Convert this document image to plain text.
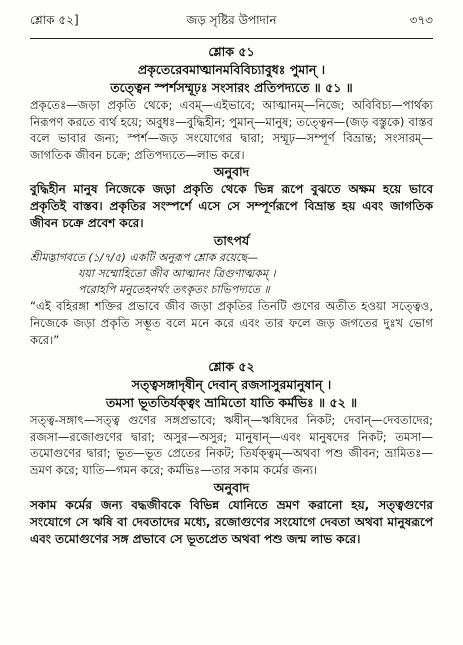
শ্লোক ৫২]	জড় সৃষ্টির উপাদান	৩৭৩
শ্লোক ৫১
প্রকৃতেরেবমাত্মানমবিবিচ্যাবুধঃ পুমান্ ।
তত্ত্বেন স্পর্শসম্মূঢ়ঃ সংসারং প্রতিপদ্যতে ॥ ৫১ ॥

প্রকৃতেঃ—জড়া প্রকৃতি থেকে; এবম্—এইভাবে; আত্মানম্—নিজে; অবিবিচ্য—পার্থক্য নিরূপণ করতে ব্যর্থ হয়ে; অবুধঃ—বুদ্ধিহীন; পুমান্—মানুষ; তত্ত্বেন—(জড় বস্তুকে) বাস্তব বলে ভাবার জন্য; স্পর্শ—জড় সংযোগের দ্বারা; সম্মূঢ়—সম্পূর্ণ বিভ্রান্ত; সংসারম্—জাগতিক জীবন চক্রে; প্রতিপদ্যতে—লাভ করে।

অনুবাদ

বুদ্ধিহীন মানুষ নিজেকে জড়া প্রকৃতি থেকে ভিন্ন রূপে বুঝতে অক্ষম হয়ে ভাবে প্রকৃতিই বাস্তব। প্রকৃতির সংস্পর্শে এসে সে সম্পূর্ণরূপে বিভ্রান্ত হয় এবং জাগতিক জীবন চক্রে প্রবেশ করে।

তাৎপর্য

শ্রীমদ্ভাগবতে (১/৭/৫) একটি অনুরূপ শ্লোক রয়েছে—

যয়া সম্মোহিতো জীব আত্মানং ত্রিগুণাত্মকম্ ।

পরোহপি মনুতেহনর্থং তৎকৃতং চাভিপদ্যতে ॥

“এই বহিরঙ্গা শক্তির প্রভাবে জীব জড়া প্রকৃতির তিনটি গুণের অতীত হওয়া সত্ত্বেও, নিজেকে জড়া প্রকৃতি সম্ভূত বলে মনে করে এবং তার ফলে জড় জগতের দুঃখ ভোগ করে।”

শ্লোক ৫২
সত্ত্বসঙ্গাদৃষীন্ দেবান্ রজসাসুরমানুষান্ ।
তমসা ভূততির্যক্ত্বং ভ্রামিতো যাতি কর্মভিঃ ॥ ৫২ ॥

সত্ত্ব-সঙ্গাৎ—সত্ত্ব গুণের সঙ্গপ্রভাবে; ঋষীন্—ঋষিদের নিকট; দেবান্—দেবতাদের; রজসা—রজোগুণের দ্বারা; অসুর—অসুর; মানুষান্—এবং মানুষদের নিকট; তমসা—তমোগুণের দ্বারা; ভূত—ভূত প্রেতের নিকট; তির্যক্ত্বম্—অথবা পশু জীবন; ভ্রামিতঃ—ভ্রমণ করে; যাতি—গমন করে; কর্মভিঃ—তার সকাম কর্মের জন্য।

অনুবাদ

সকাম কর্মের জন্য বদ্ধজীবকে বিভিন্ন যোনিতে ভ্রমণ করানো হয়, সত্ত্বগুণের সংযোগে সে ঋষি বা দেবতাদের মধ্যে, রজোগুণের সংযোগে দেবতা অথবা মানুষরূপে এবং তমোগুণের সঙ্গ প্রভাবে সে ভূতপ্রেত অথবা পশু জন্ম লাভ করে।
